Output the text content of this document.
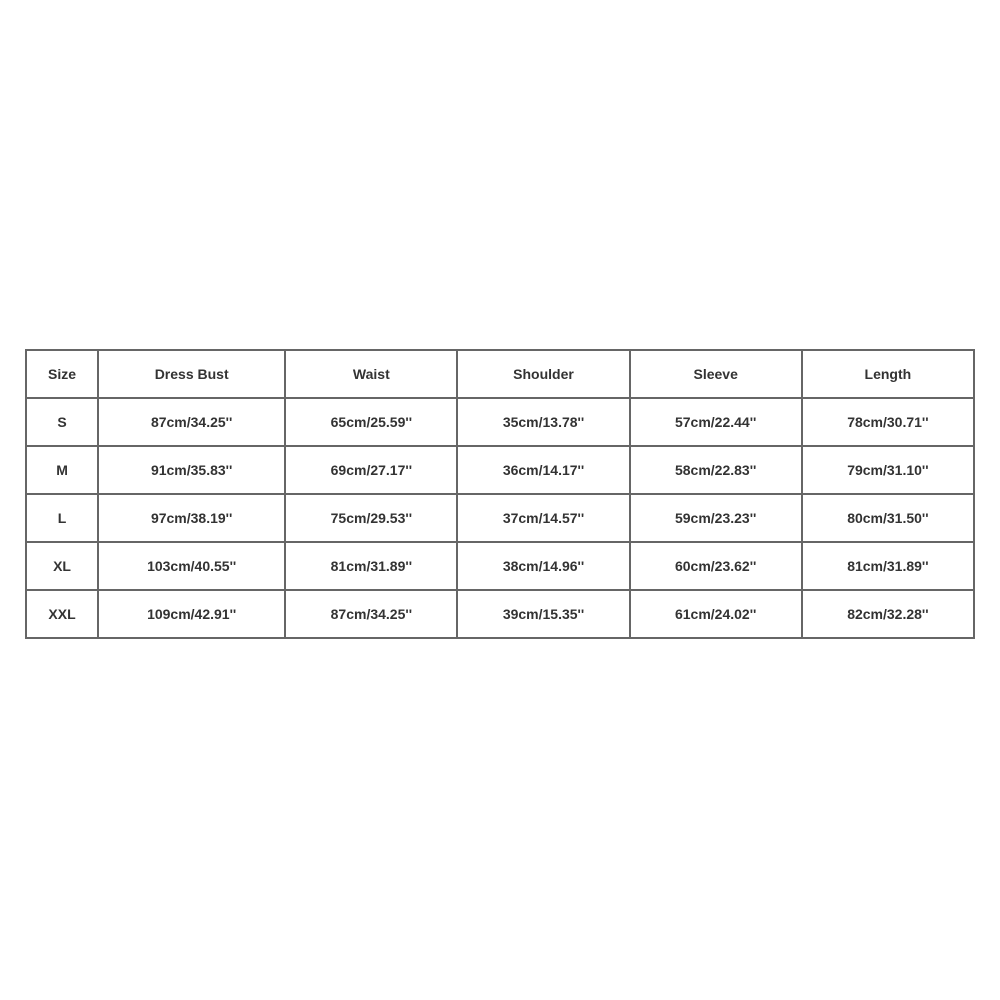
Size	Dress Bust	Waist	Shoulder	Sleeve	Length
S	87cm/34.25''	65cm/25.59''	35cm/13.78''	57cm/22.44''	78cm/30.71''
M	91cm/35.83''	69cm/27.17''	36cm/14.17''	58cm/22.83''	79cm/31.10''
L	97cm/38.19''	75cm/29.53''	37cm/14.57''	59cm/23.23''	80cm/31.50''
XL	103cm/40.55''	81cm/31.89''	38cm/14.96''	60cm/23.62''	81cm/31.89''
XXL	109cm/42.91''	87cm/34.25''	39cm/15.35''	61cm/24.02''	82cm/32.28''
